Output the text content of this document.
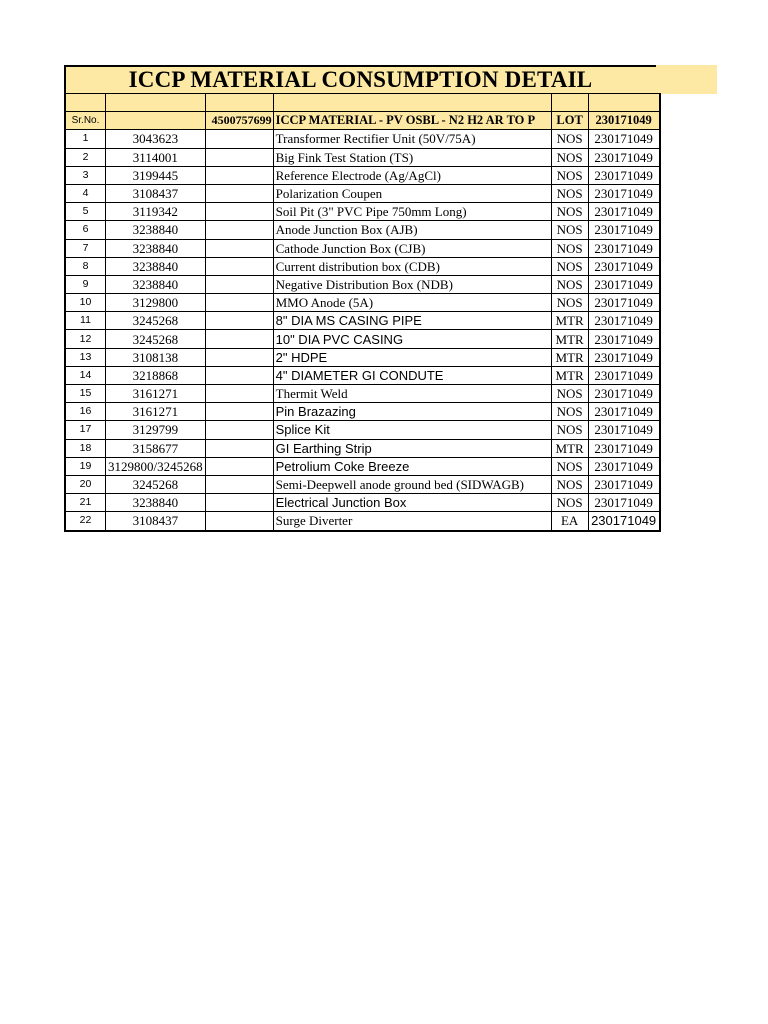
ICCP MATERIAL CONSUMPTION DETAIL

Sr.No.		4500757699	ICCP MATERIAL - PV OSBL - N2 H2 AR TO P	LOT	230171049
1	3043623		Transformer Rectifier Unit (50V/75A)	NOS	230171049
2	3114001		Big Fink Test Station (TS)	NOS	230171049
3	3199445		Reference Electrode (Ag/AgCl)	NOS	230171049
4	3108437		Polarization Coupen	NOS	230171049
5	3119342		Soil Pit (3" PVC Pipe 750mm Long)	NOS	230171049
6	3238840		Anode Junction Box (AJB)	NOS	230171049
7	3238840		Cathode Junction Box (CJB)	NOS	230171049
8	3238840		Current distribution box (CDB)	NOS	230171049
9	3238840		Negative Distribution Box (NDB)	NOS	230171049
10	3129800		MMO Anode (5A)	NOS	230171049
11	3245268		8" DIA MS CASING PIPE	MTR	230171049
12	3245268		10" DIA PVC CASING	MTR	230171049
13	3108138		2" HDPE	MTR	230171049
14	3218868		4" DIAMETER GI CONDUTE	MTR	230171049
15	3161271		Thermit Weld	NOS	230171049
16	3161271		Pin Brazazing	NOS	230171049
17	3129799		Splice Kit	NOS	230171049
18	3158677		GI Earthing Strip	MTR	230171049
19	3129800/3245268		Petrolium Coke Breeze	NOS	230171049
20	3245268		Semi-Deepwell anode ground bed (SIDWAGB)	NOS	230171049
21	3238840		Electrical Junction Box	NOS	230171049
22	3108437		Surge Diverter	EA	230171049
